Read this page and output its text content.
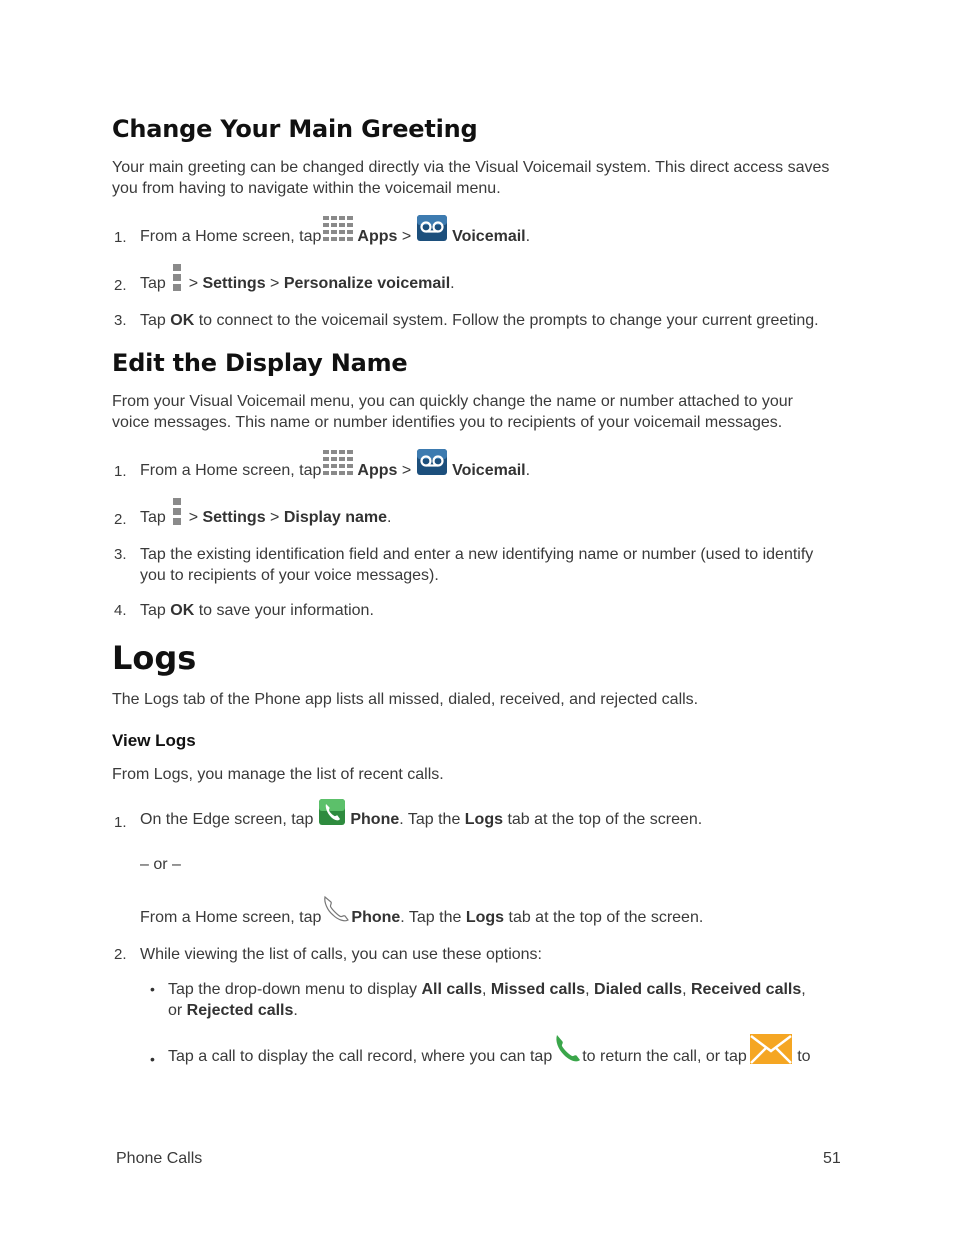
Change Your Main Greeting
Your main greeting can be changed directly via the Visual Voicemail system. This direct access saves you from having to navigate within the voicemail menu.
1. From a Home screen, tap Apps >  Voicemail.
2. Tap  > Settings > Personalize voicemail.
3. Tap OK to connect to the voicemail system. Follow the prompts to change your current greeting.
Edit the Display Name
From your Visual Voicemail menu, you can quickly change the name or number attached to your voice messages. This name or number identifies you to recipients of your voicemail messages.
1. From a Home screen, tap Apps >  Voicemail.
2. Tap  > Settings > Display name.
3. Tap the existing identification field and enter a new identifying name or number (used to identify you to recipients of your voice messages).
4. Tap OK to save your information.
Logs
The Logs tab of the Phone app lists all missed, dialed, received, and rejected calls.
View Logs
From Logs, you manage the list of recent calls.
1. On the Edge screen, tap Phone. Tap the Logs tab at the top of the screen.
– or –
From a Home screen, tap Phone. Tap the Logs tab at the top of the screen.
2. While viewing the list of calls, you can use these options:
• Tap the drop-down menu to display All calls, Missed calls, Dialed calls, Received calls,
or Rejected calls.
• Tap a call to display the call record, where you can tap to return the call, or tap	to
Phone Calls	51
